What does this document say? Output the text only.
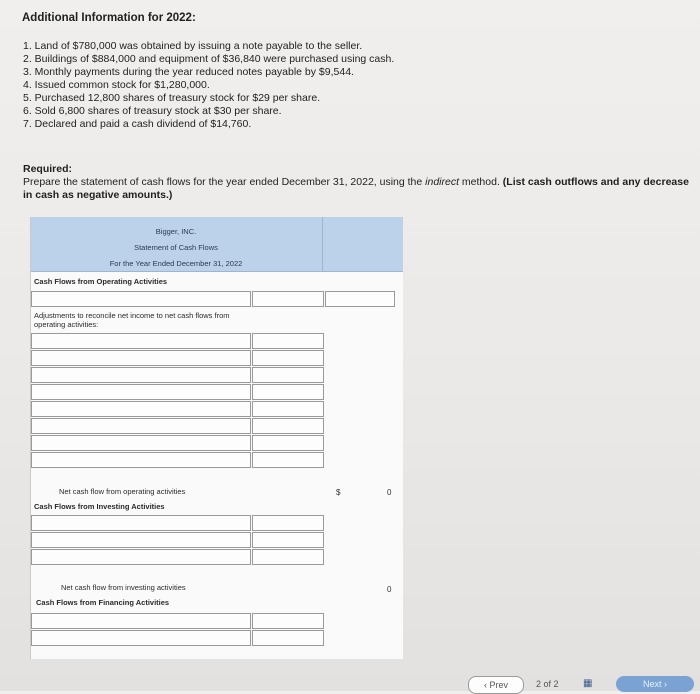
Additional Information for 2022:
1. Land of $780,000 was obtained by issuing a note payable to the seller.
2. Buildings of $884,000 and equipment of $36,840 were purchased using cash.
3. Monthly payments during the year reduced notes payable by $9,544.
4. Issued common stock for $1,280,000.
5. Purchased 12,800 shares of treasury stock for $29 per share.
6. Sold 6,800 shares of treasury stock at $30 per share.
7. Declared and paid a cash dividend of $14,760.
Required:
Prepare the statement of cash flows for the year ended December 31, 2022, using the indirect method. (List cash outflows and any decrease in cash as negative amounts.)
Bigger, INC.
Statement of Cash Flows
For the Year Ended December 31, 2022
Cash Flows from Operating Activities
Adjustments to reconcile net income to net cash flows from operating activities:
Net cash flow from operating activities	$	0
Cash Flows from Investing Activities
Net cash flow from investing activities	0
Cash Flows from Financing Activities
‹ Prev	2 of 2 ▦	Next ›
